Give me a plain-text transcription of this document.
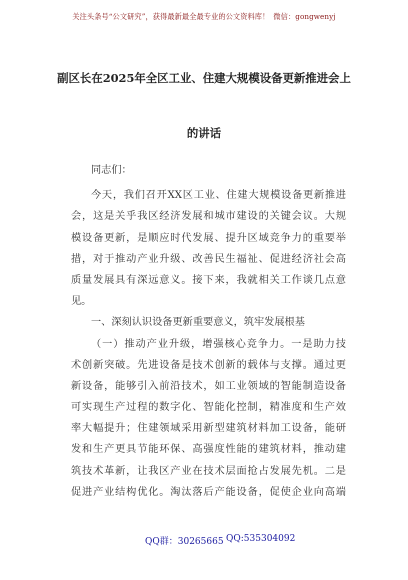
关注头条号“公文研究”，获得最新最全最专业的公文资料库！ 微信：gongwenyj
副区长在2025年全区工业、住建大规模设备更新推进会上
的讲话
同志们：
今天，我们召开XX区工业、住建大规模设备更新推进
会，这是关乎我区经济发展和城市建设的关键会议。大规
模设备更新，是顺应时代发展、提升区域竞争力的重要举
措，对于推动产业升级、改善民生福祉、促进经济社会高
质量发展具有深远意义。接下来，我就相关工作谈几点意
见。
一、深刻认识设备更新重要意义，筑牢发展根基
（一）推动产业升级，增强核心竞争力。一是助力技
术创新突破。先进设备是技术创新的载体与支撑。通过更
新设备，能够引入前沿技术，如工业领域的智能制造设备
可实现生产过程的数字化、智能化控制，精准度和生产效
率大幅提升；住建领域采用新型建筑材料加工设备，能研
发和生产更具节能环保、高强度性能的建筑材料，推动建
筑技术革新，让我区产业在技术层面抢占发展先机。二是
促进产业结构优化。淘汰落后产能设备，促使企业向高端
QQ群：30265665 QQ:535304092
